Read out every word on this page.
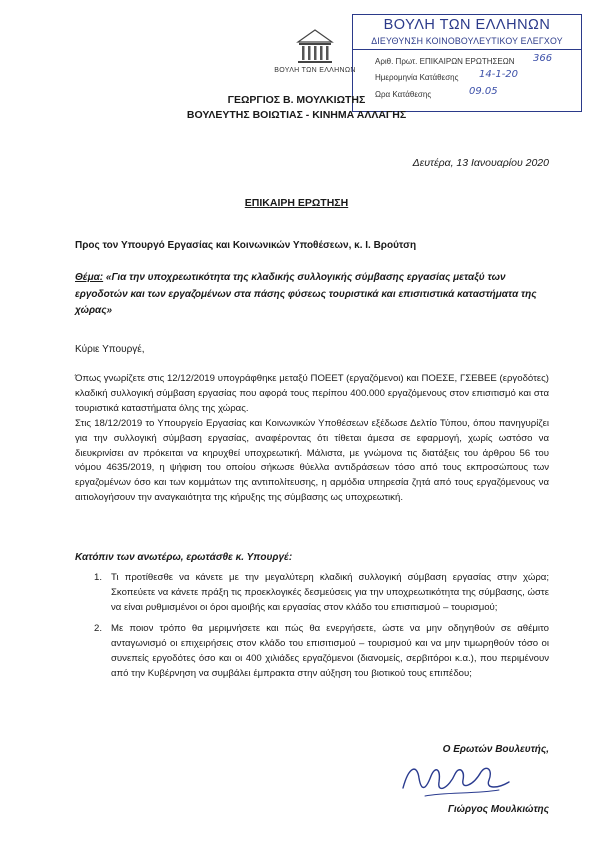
ΒΟΥΛΗ ΤΩΝ ΕΛΛΗΝΩΝ
ΒΟΥΛΗ ΤΩΝ ΕΛΛΗΝΩΝ
ΔΙΕΥΘΥΝΣΗ ΚΟΙΝΟΒΟΥΛΕΥΤΙΚΟΥ ΕΛΕΓΧΟΥ
Αριθ. Πρωτ. ΕΠΙΚΑΙΡΩΝ ΕΡΩΤΗΣΕΩΝ 366
Ημερομηνία Κατάθεσης 14-1-20
Ωρα Κατάθεσης	09.05
ΓΕΩΡΓΙΟΣ Β. ΜΟΥΛΚΙΩΤΗΣ
ΒΟΥΛΕΥΤΗΣ ΒΟΙΩΤΙΑΣ - ΚΙΝΗΜΑ ΑΛΛΑΓΗΣ
Δευτέρα, 13 Ιανουαρίου 2020
ΕΠΙΚΑΙΡΗ ΕΡΩΤΗΣΗ
Προς τον Υπουργό Εργασίας και Κοινωνικών Υποθέσεων, κ. Ι. Βρούτση
Θέμα: «Για την υποχρεωτικότητα της κλαδικής συλλογικής σύμβασης εργασίας μεταξύ των εργοδοτών και των εργαζομένων στα πάσης φύσεως τουριστικά και επισιτιστικά καταστήματα της χώρας»
Κύριε Υπουργέ,
Όπως γνωρίζετε στις 12/12/2019 υπογράφθηκε μεταξύ ΠΟΕΕΤ (εργαζόμενοι) και ΠΟΕΣΕ, ΓΣΕΒΕΕ (εργοδότες) κλαδική συλλογική σύμβαση εργασίας που αφορά τους περίπου 400.000 εργαζόμενους στον επισιτισμό και στα τουριστικά καταστήματα όλης της χώρας.
Στις 18/12/2019 το Υπουργείο Εργασίας και Κοινωνικών Υποθέσεων εξέδωσε Δελτίο Τύπου, όπου πανηγυρίζει για την συλλογική σύμβαση εργασίας, αναφέροντας ότι τίθεται άμεσα σε εφαρμογή, χωρίς ωστόσο να διευκρινίσει αν πρόκειται να κηρυχθεί υποχρεωτική. Μάλιστα, με γνώμονα τις διατάξεις του άρθρου 56 του νόμου 4635/2019, η ψήφιση του οποίου σήκωσε θύελλα αντιδράσεων τόσο από τους εκπροσώπους των εργαζομένων όσο και των κομμάτων της αντιπολίτευσης, η αρμόδια υπηρεσία ζητά από τους εργαζόμενους να αιτιολογήσουν την αναγκαιότητα της κήρυξης της σύμβασης ως υποχρεωτική.
Κατόπιν των ανωτέρω, ερωτάσθε κ. Υπουργέ:
1. Τι προτίθεσθε να κάνετε με την μεγαλύτερη κλαδική συλλογική σύμβαση εργασίας στην χώρα; Σκοπεύετε να κάνετε πράξη τις προεκλογικές δεσμεύσεις για την υποχρεωτικότητα της σύμβασης, ώστε να είναι ρυθμισμένοι οι όροι αμοιβής και εργασίας στον κλάδο του επισιτισμού – τουρισμού;
2. Με ποιον τρόπο θα μεριμνήσετε και πώς θα ενεργήσετε, ώστε να μην οδηγηθούν σε αθέμιτο ανταγωνισμό οι επιχειρήσεις στον κλάδο του επισιτισμού – τουρισμού και να μην τιμωρηθούν τόσο οι συνεπείς εργοδότες όσο και οι 400 χιλιάδες εργαζόμενοι (διανομείς, σερβιτόροι κ.α.), που περιμένουν από την Κυβέρνηση να συμβάλει έμπρακτα στην αύξηση του βιοτικού τους επιπέδου;
Ο Ερωτών Βουλευτής,
Γιώργος Μουλκιώτης
